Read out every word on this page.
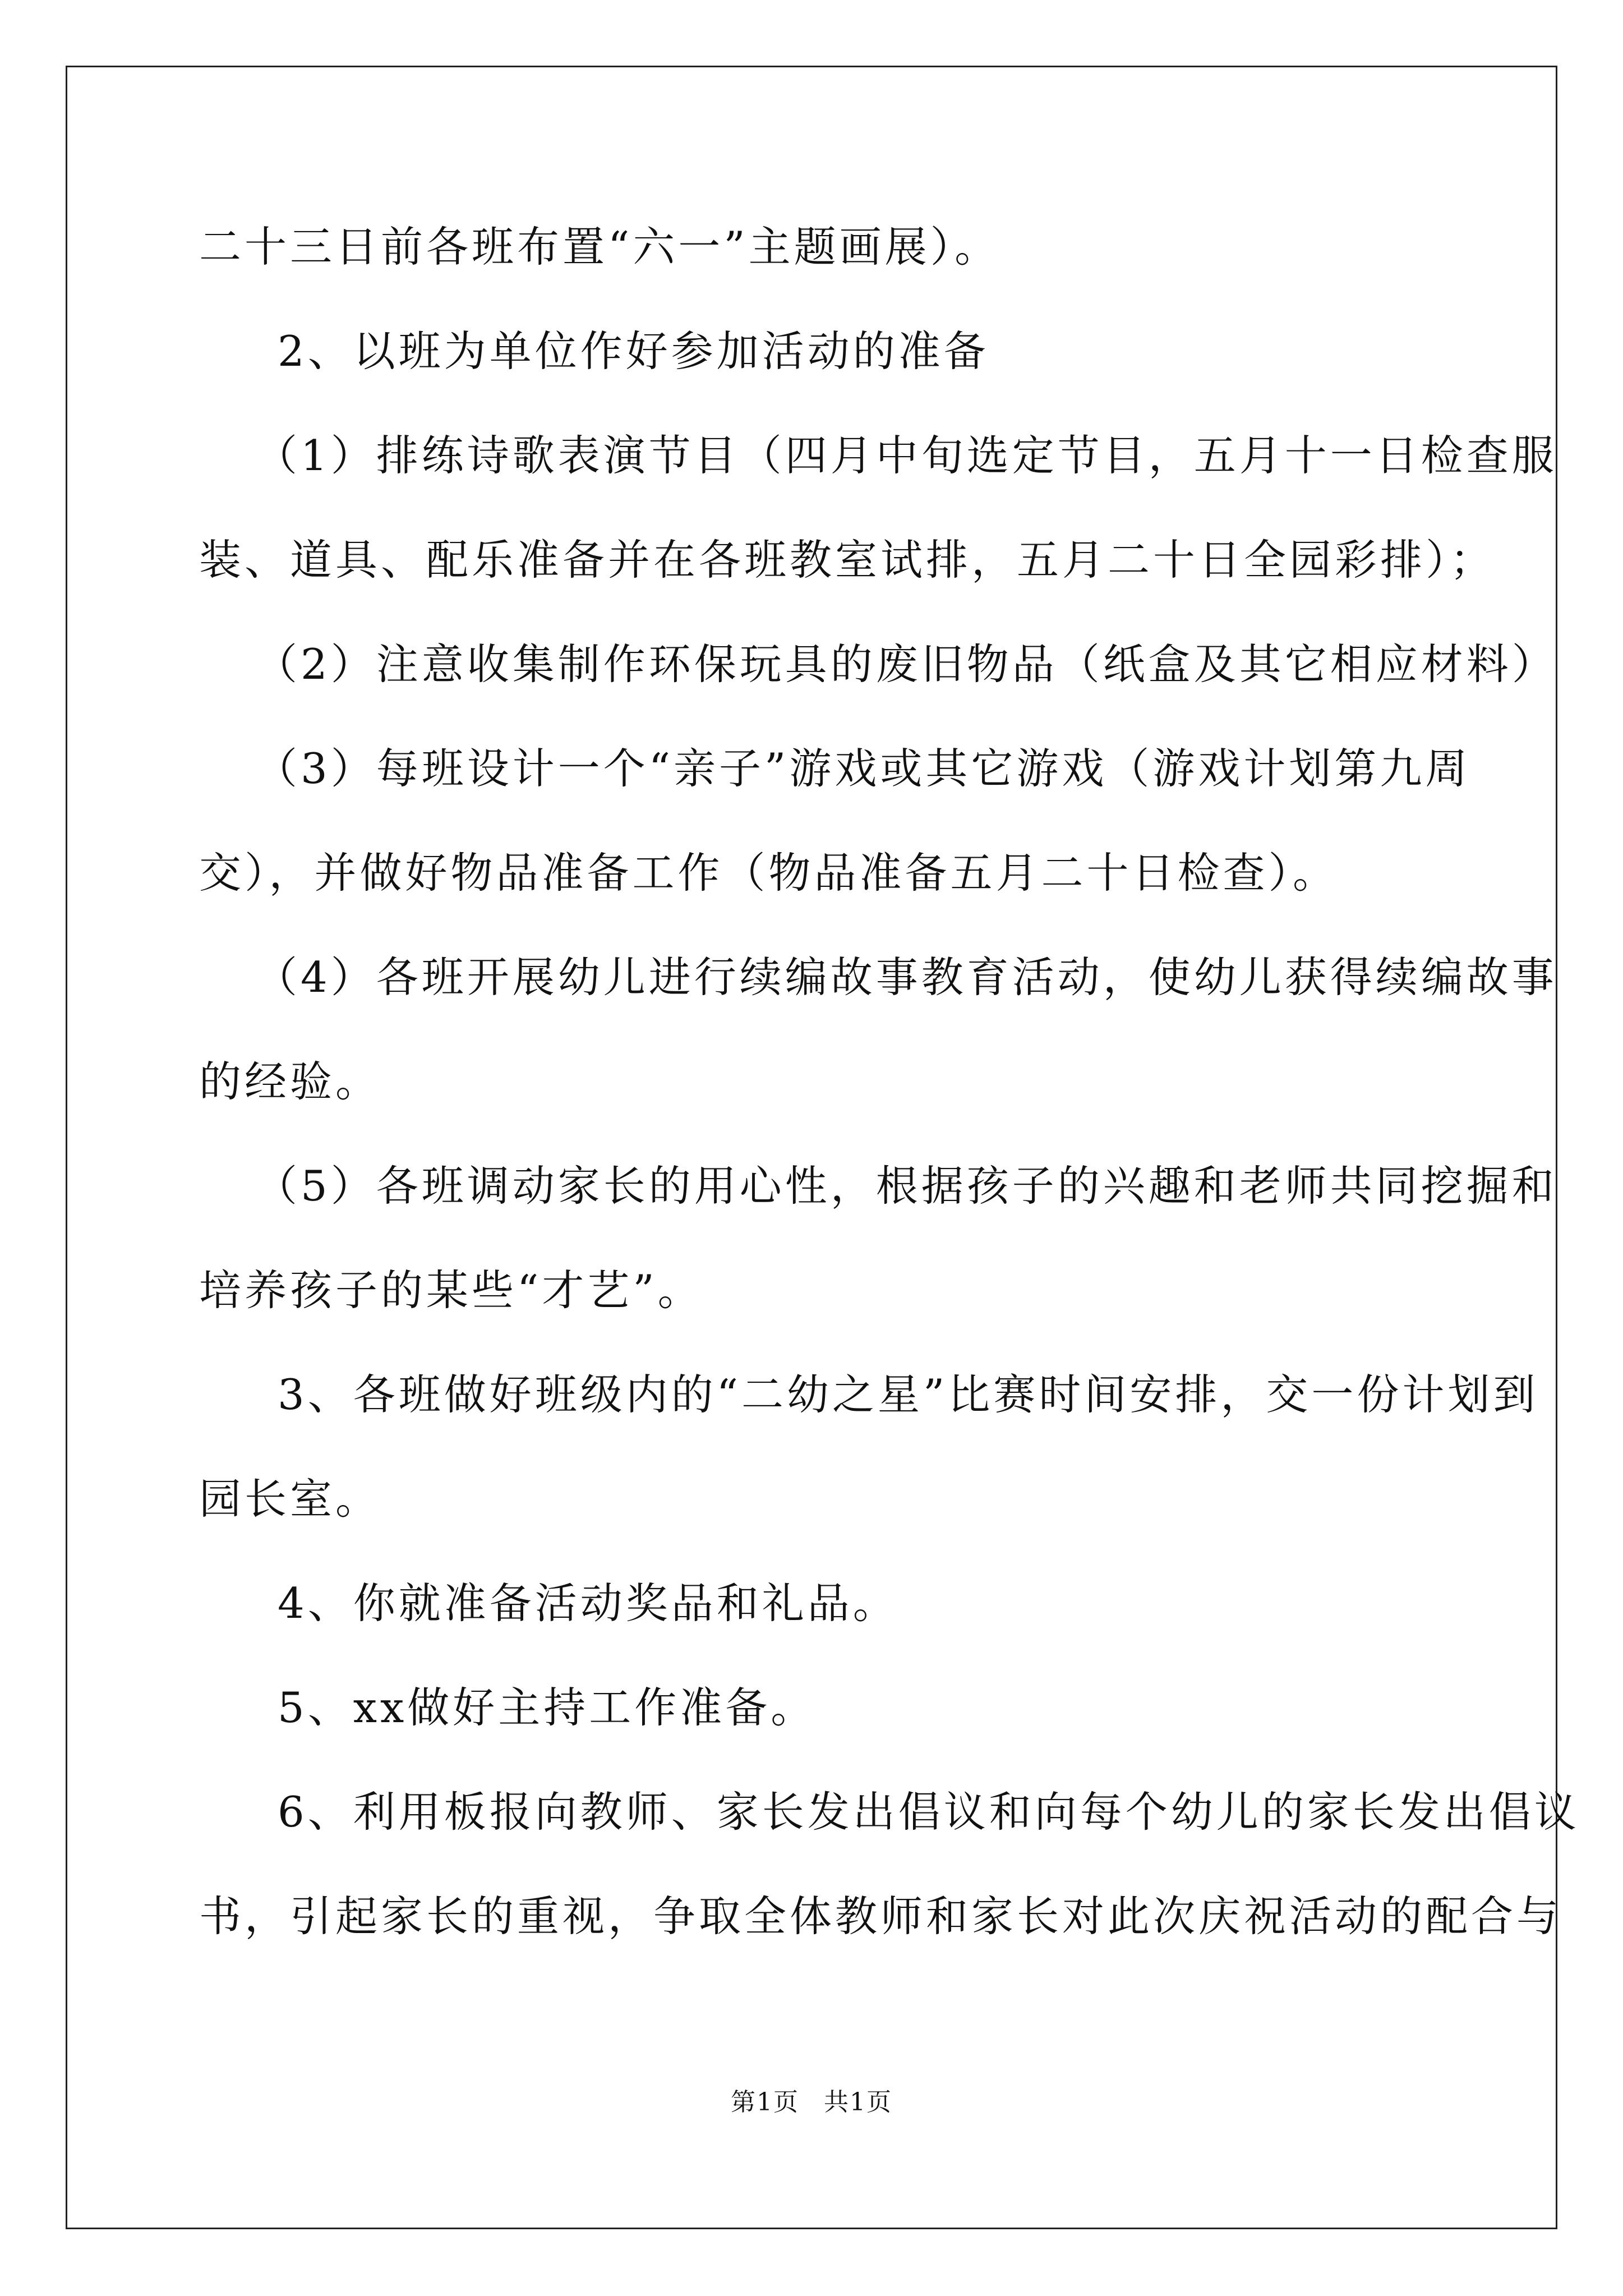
二十三日前各班布置“六一”主题画展）。
2、以班为单位作好参加活动的准备
（1）排练诗歌表演节目（四月中旬选定节目，五月十一日检查服
装、道具、配乐准备并在各班教室试排，五月二十日全园彩排）；
（2）注意收集制作环保玩具的废旧物品（纸盒及其它相应材料）
（3）每班设计一个“亲子”游戏或其它游戏（游戏计划第九周
交），并做好物品准备工作（物品准备五月二十日检查）。
（4）各班开展幼儿进行续编故事教育活动，使幼儿获得续编故事
的经验。
（5）各班调动家长的用心性，根据孩子的兴趣和老师共同挖掘和
培养孩子的某些“才艺”。
3、各班做好班级内的“二幼之星”比赛时间安排，交一份计划到
园长室。
4、你就准备活动奖品和礼品。
5、xx做好主持工作准备。
6、利用板报向教师、家长发出倡议和向每个幼儿的家长发出倡议
书，引起家长的重视，争取全体教师和家长对此次庆祝活动的配合与
第1页 共1页
